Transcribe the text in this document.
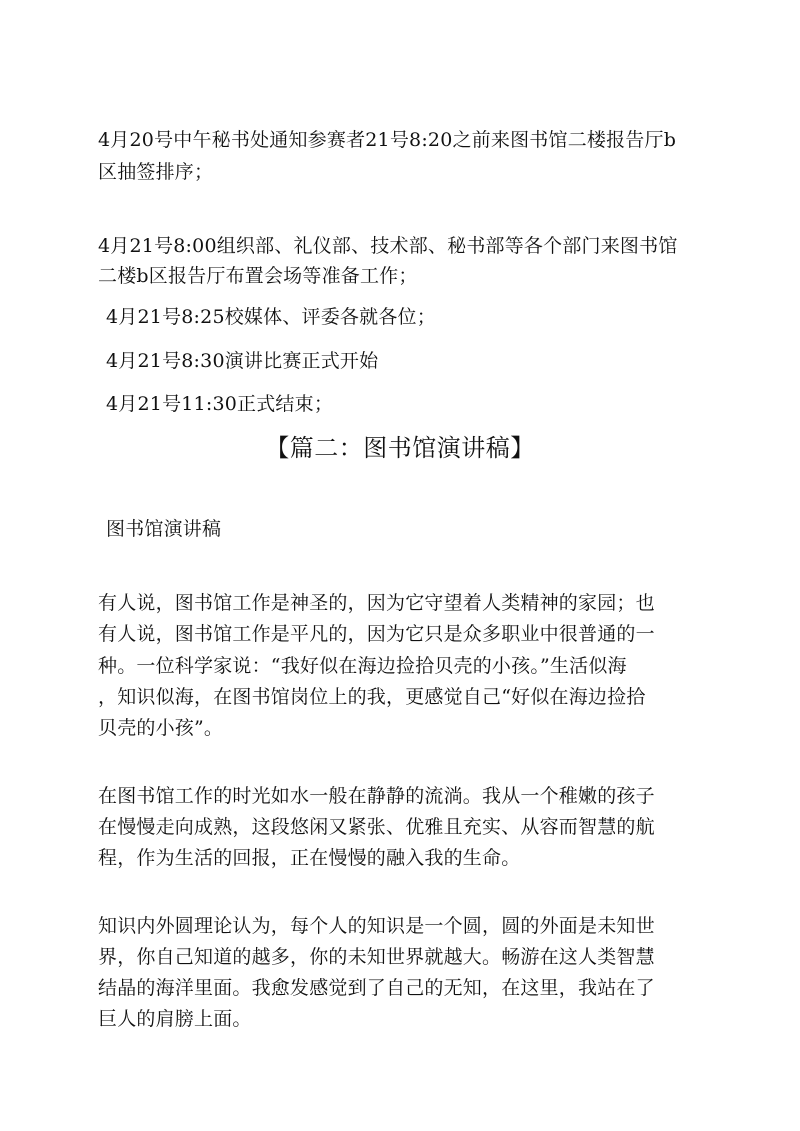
4月20号中午秘书处通知参赛者21号8:20之前来图书馆二楼报告厅b
区抽签排序；
4月21号8:00组织部、礼仪部、技术部、秘书部等各个部门来图书馆
二楼b区报告厅布置会场等准备工作；
4月21号8:25校媒体、评委各就各位；
4月21号8:30演讲比赛正式开始
4月21号11:30正式结束；
【篇二：图书馆演讲稿】
图书馆演讲稿
有人说，图书馆工作是神圣的，因为它守望着人类精神的家园；也
有人说，图书馆工作是平凡的，因为它只是众多职业中很普通的一
种。一位科学家说：“我好似在海边捡拾贝壳的小孩。”生活似海
，知识似海，在图书馆岗位上的我，更感觉自己“好似在海边捡拾
贝壳的小孩”。
在图书馆工作的时光如水一般在静静的流淌。我从一个稚嫩的孩子
在慢慢走向成熟，这段悠闲又紧张、优雅且充实、从容而智慧的航
程，作为生活的回报，正在慢慢的融入我的生命。
知识内外圆理论认为，每个人的知识是一个圆，圆的外面是未知世
界，你自己知道的越多，你的未知世界就越大。畅游在这人类智慧
结晶的海洋里面。我愈发感觉到了自己的无知，在这里，我站在了
巨人的肩膀上面。
